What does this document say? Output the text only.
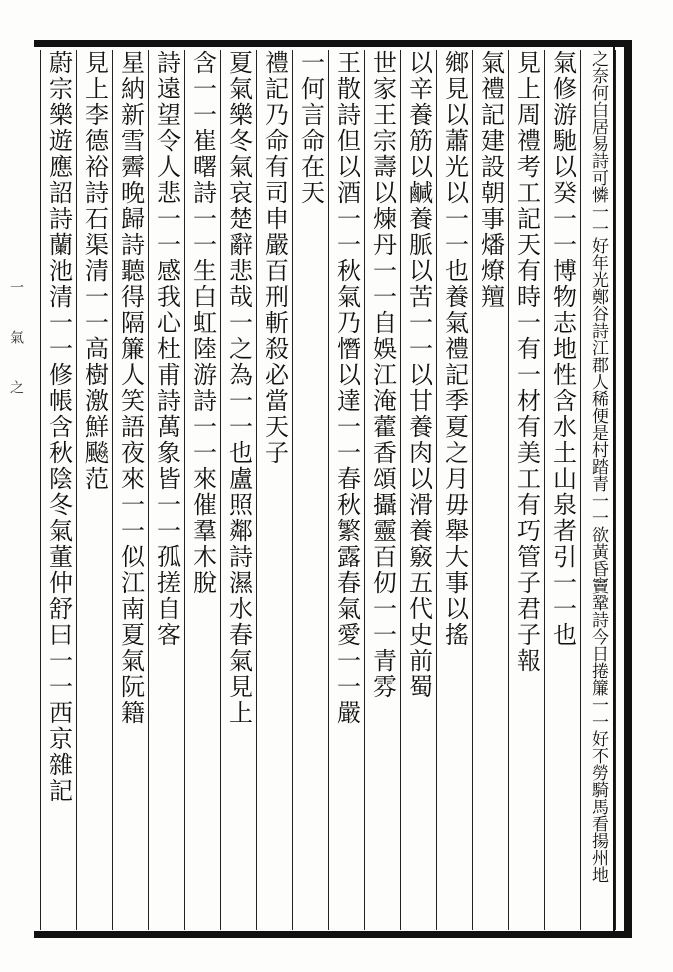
一
氣
之	之奈何白居易詩可憐一一好年光鄭谷詩江郡人稀便是村踏青一一欲黃昏竇鞏詩今日捲簾一一好不勞騎馬看揚州地
氣修游馳以癸一一博物志地性含水土山泉者引一一也
見上周禮考工記天有時一有一材有美工有巧管子君子報
氣禮記建設朝事燔燎羶
鄉見以蕭光以一一也養氣禮記季夏之月毋舉大事以搖
以辛養筋以鹹養脈以苦一一以甘養肉以滑養竅五代史前蜀
世家王宗壽以煉丹一一自娛江淹藿香頌攝靈百仞一一青雰
王散詩但以酒一一秋氣乃憯以達一一春秋繁露春氣愛一一嚴
一何言命在天
禮記乃命有司申嚴百刑斬殺必當天子
夏氣樂冬氣哀楚辭悲哉一之為一一也盧照鄰詩濕水春氣見上
含一一崔曙詩一一生白虹陸游詩一一來催羣木脫
詩遠望令人悲一一感我心杜甫詩萬象皆一一孤搓自客
星納新雪霽晚歸詩聽得隔簾人笑語夜來一一似江南夏氣阮籍
見上李德裕詩石渠清一一高樹激鮮飈范
蔚宗樂遊應詔詩蘭池清一一修帳含秋陰冬氣董仲舒曰一一西京雜記
